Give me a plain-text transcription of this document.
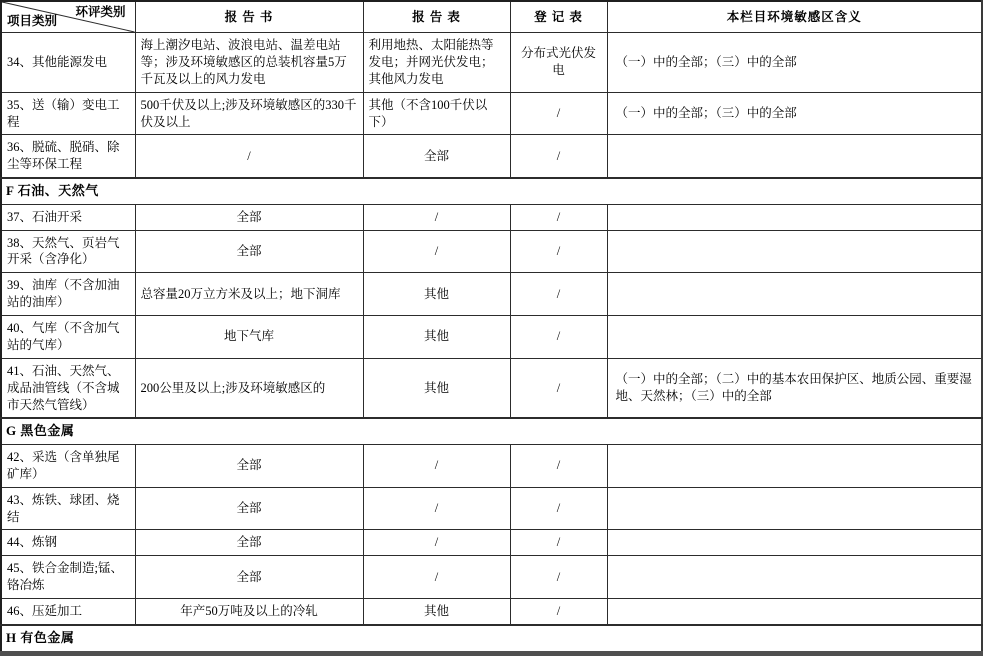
环评类别
项目类别	报 告 书	报 告 表	登 记 表	本栏目环境敏感区含义
34、其他能源发电	海上潮汐电站、波浪电站、温差电站等；涉及环境敏感区的总装机容量5万千瓦及以上的风力发电	利用地热、太阳能热等发电；并网光伏发电；其他风力发电	分布式光伏发电	（一）中的全部；（三）中的全部
35、送（输）变电工程	500千伏及以上;涉及环境敏感区的330千伏及以上	其他（不含100千伏以下）	/	（一）中的全部；（三）中的全部
36、脱硫、脱硝、除尘等环保工程	/	全部	/	
F 石油、天然气				
37、石油开采	全部	/	/	
38、天然气、页岩气开采（含净化）	全部	/	/	
39、油库（不含加油站的油库）	总容量20万立方米及以上；地下洞库	其他	/	
40、气库（不含加气站的气库）	地下气库	其他	/	
41、石油、天然气、成品油管线（不含城市天然气管线）	200公里及以上;涉及环境敏感区的	其他	/	（一）中的全部；（二）中的基本农田保护区、地质公园、重要湿地、天然林；（三）中的全部
G 黑色金属				
42、采选（含单独尾矿库）	全部	/	/	
43、炼铁、球团、烧结	全部	/	/	
44、炼钢	全部	/	/	
45、铁合金制造;锰、铬冶炼	全部	/	/	
46、压延加工	年产50万吨及以上的冷轧	其他	/	
H 有色金属				
